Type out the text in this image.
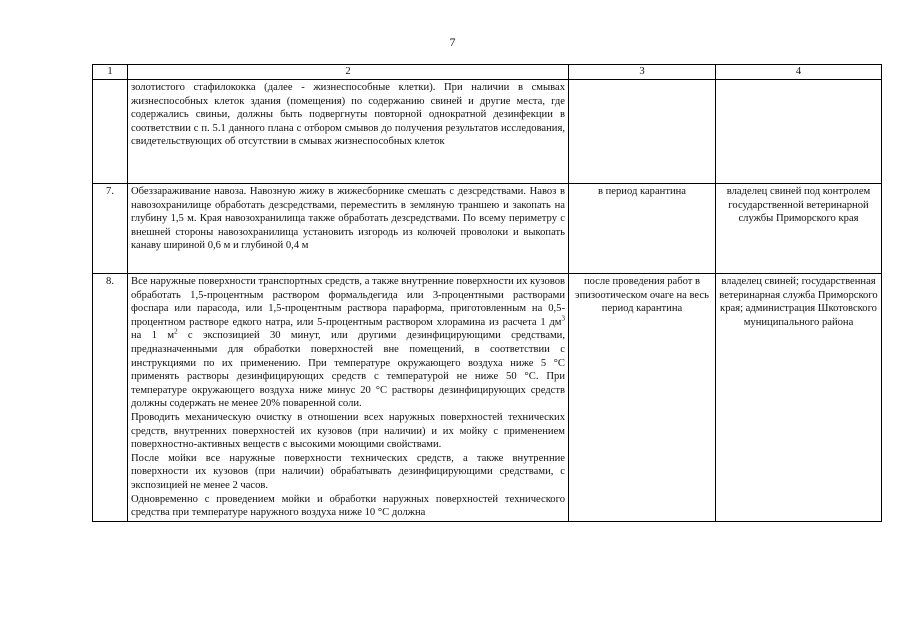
7
1	2	3	4

	золотистого стафилококка (далее - жизнеспособные клетки). При наличии в смывах жизнеспособных клеток здания (помещения) по содержанию свиней и другие места, где содержались свиньи, должны быть подвергнуты повторной однократной дезинфекции в соответствии с п. 5.1 данного плана с отбором смывов до получения результатов исследования, свидетельствующих об отсутствии в смывах жизнеспособных клеток		

7.	Обеззараживание навоза. Навозную жижу в жижесборнике смешать с дезсредствами. Навоз в навозохранилище обработать дезсредствами, переместить в земляную траншею и закопать на глубину 1,5 м. Края навозохранилища также обработать дезсредствами. По всему периметру с внешней стороны навозохранилища установить изгородь из колючей проволоки и выкопать канаву шириной 0,6 м и глубиной 0,4 м	в период карантина	владелец свиней под контролем государственной ветеринарной службы Приморского края
8.	Все наружные поверхности транспортных средств, а также внутренние поверхности их кузовов обработать 1,5-процентным раствором формальдегида или 3-процентными растворами фоспара или парасода, или 1,5-процентным раствора параформа, приготовленным на 0,5-процентном растворе едкого натра, или 5-процентным раствором хлорамина из расчета 1 $дм^3$ на 1 $м^2$ с экспозицией 30 минут, или другими дезинфицирующими средствами, предназначенными для обработки поверхностей вне помещений, в соответствии с инструкциями по их применению. При температуре окружающего воздуха ниже 5 °С применять растворы дезинфицирующих средств с температурой не ниже 50 °С. При температуре окружающего воздуха ниже минус 20 °С растворы дезинфицирующих средств должны содержать не менее 20% поваренной соли.

Проводить механическую очистку в отношении всех наружных поверхностей технических средств, внутренних поверхностей их кузовов (при наличии) и их мойку с применением поверхностно-активных веществ с высокими моющими свойствами.

После мойки все наружные поверхности технических средств, а также внутренние поверхности их кузовов (при наличии) обрабатывать дезинфицирующими средствами, с экспозицией не менее 2 часов.

Одновременно с проведением мойки и обработки наружных поверхностей технического средства при температуре наружного воздуха ниже 10 °С должна	после проведения работ в эпизоотическом очаге на весь период карантина	владелец свиней; государственная ветеринарная служба Приморского края; администрация Шкотовского муниципального района
